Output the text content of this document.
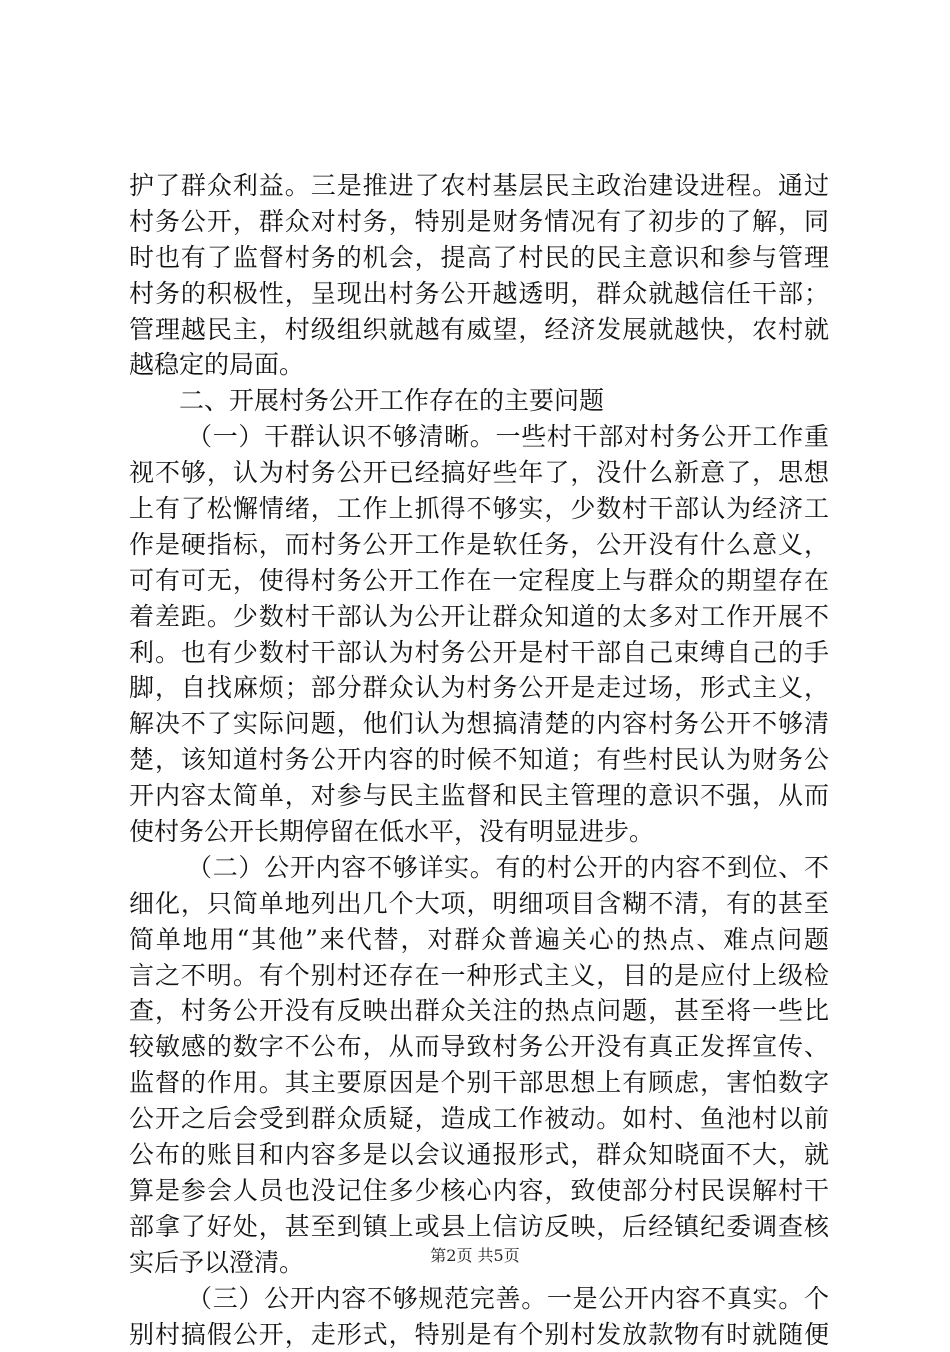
护了群众利益。三是推进了农村基层民主政治建设进程。通过
村务公开，群众对村务，特别是财务情况有了初步的了解，同
时也有了监督村务的机会，提高了村民的民主意识和参与管理
村务的积极性，呈现出村务公开越透明，群众就越信任干部；
管理越民主，村级组织就越有威望，经济发展就越快，农村就
越稳定的局面。
二、开展村务公开工作存在的主要问题
（一）干群认识不够清晰。一些村干部对村务公开工作重
视不够，认为村务公开已经搞好些年了，没什么新意了，思想
上有了松懈情绪，工作上抓得不够实，少数村干部认为经济工
作是硬指标，而村务公开工作是软任务，公开没有什么意义，
可有可无，使得村务公开工作在一定程度上与群众的期望存在
着差距。少数村干部认为公开让群众知道的太多对工作开展不
利。也有少数村干部认为村务公开是村干部自己束缚自己的手
脚，自找麻烦；部分群众认为村务公开是走过场，形式主义，
解决不了实际问题，他们认为想搞清楚的内容村务公开不够清
楚，该知道村务公开内容的时候不知道；有些村民认为财务公
开内容太简单，对参与民主监督和民主管理的意识不强，从而
使村务公开长期停留在低水平，没有明显进步。
（二）公开内容不够详实。有的村公开的内容不到位、不
细化，只简单地列出几个大项，明细项目含糊不清，有的甚至
简单地用“其他”来代替，对群众普遍关心的热点、难点问题
言之不明。有个别村还存在一种形式主义，目的是应付上级检
查，村务公开没有反映出群众关注的热点问题，甚至将一些比
较敏感的数字不公布，从而导致村务公开没有真正发挥宣传、
监督的作用。其主要原因是个别干部思想上有顾虑，害怕数字
公开之后会受到群众质疑，造成工作被动。如村、鱼池村以前
公布的账目和内容多是以会议通报形式，群众知晓面不大，就
算是参会人员也没记住多少核心内容，致使部分村民误解村干
部拿了好处，甚至到镇上或县上信访反映，后经镇纪委调查核
实后予以澄清。
（三）公开内容不够规范完善。一是公开内容不真实。个
别村搞假公开，走形式，特别是有个别村发放款物有时就随便
第2页 共5页
